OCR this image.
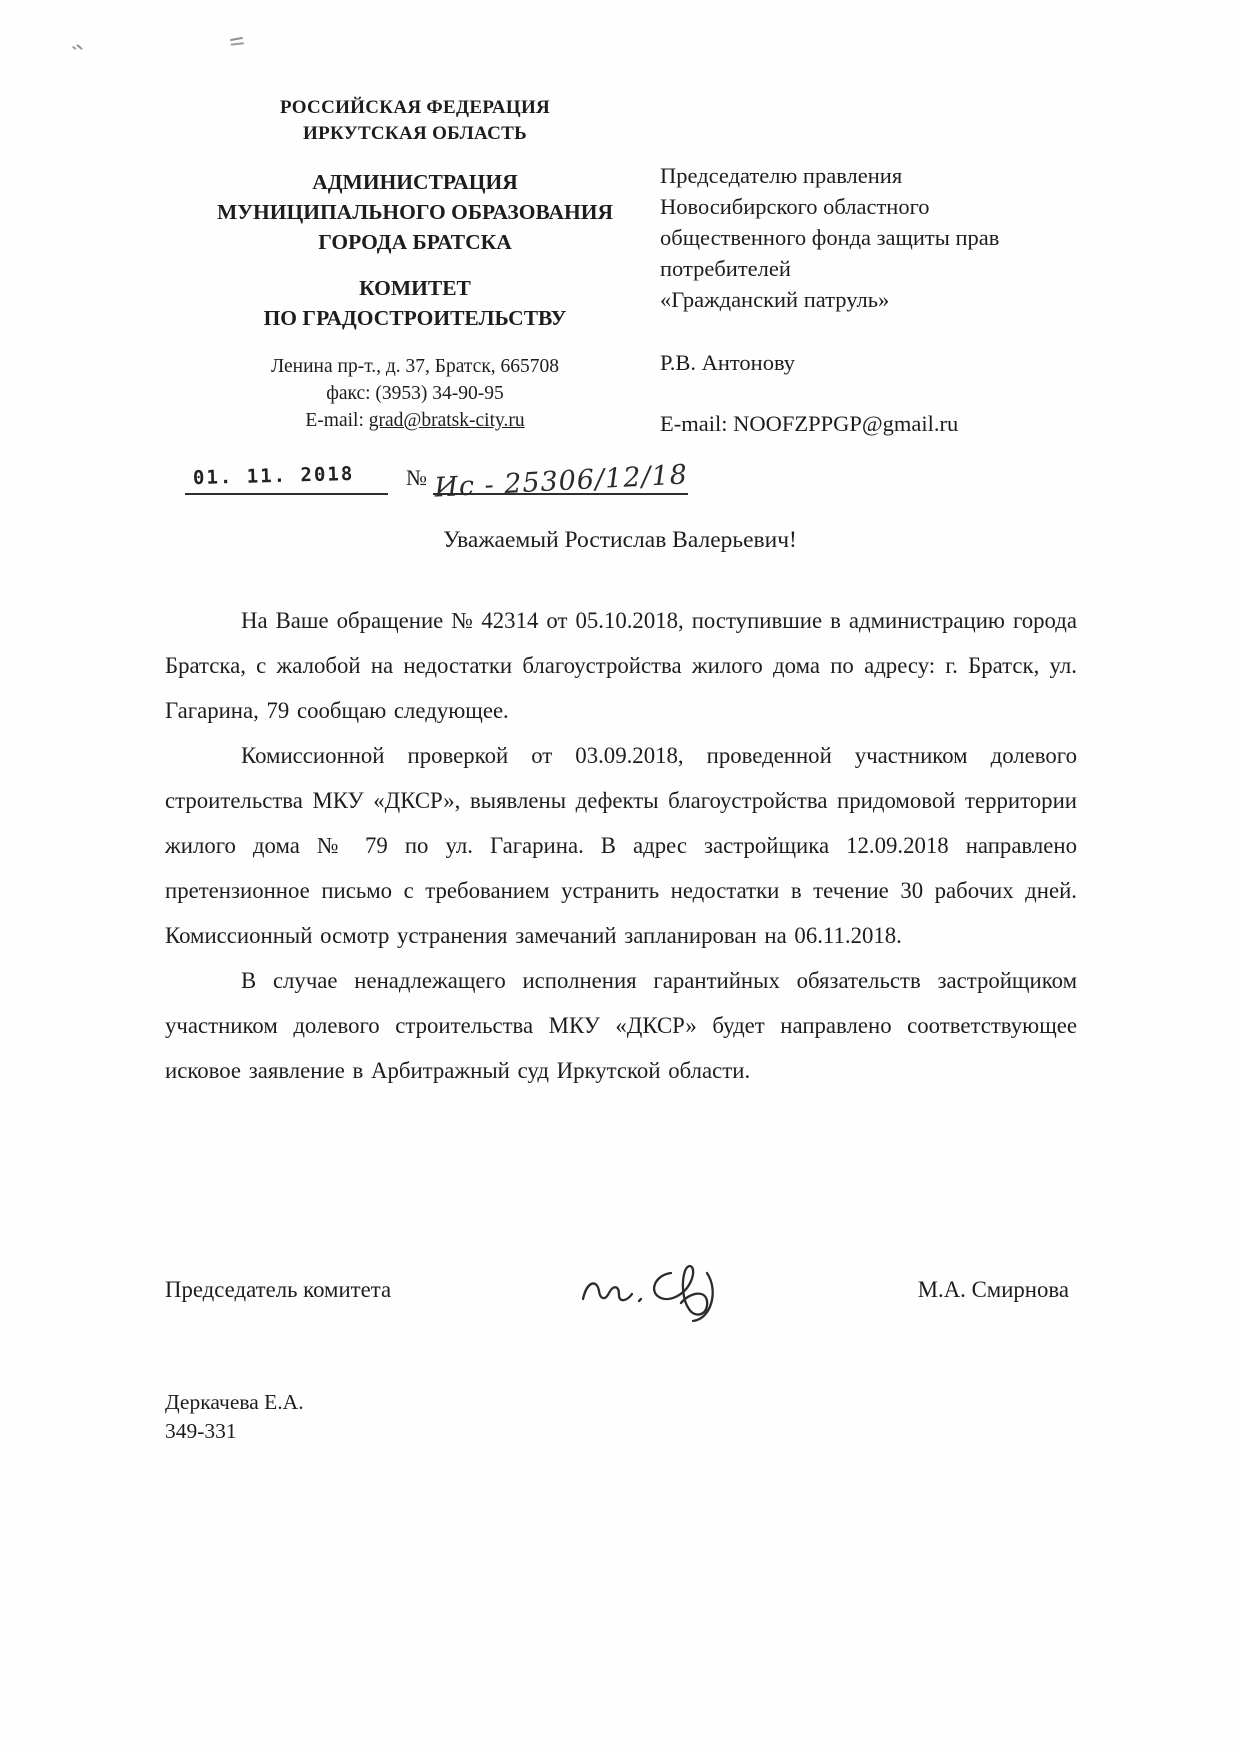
РОССИЙСКАЯ ФЕДЕРАЦИЯ
ИРКУТСКАЯ ОБЛАСТЬ
АДМИНИСТРАЦИЯ
МУНИЦИПАЛЬНОГО ОБРАЗОВАНИЯ
ГОРОДА БРАТСКА
КОМИТЕТ
ПО ГРАДОСТРОИТЕЛЬСТВУ
Ленина пр-т., д. 37, Братск, 665708
факс: (3953) 34-90-95
E-mail: grad@bratsk-city.ru
01. 11. 2018 № Ис - 25306/12/18
Председателю правления
Новосибирского областного
общественного фонда защиты прав
потребителей
«Гражданский патруль»
Р.В. Антонову
E-mail: NOOFZPPGP@gmail.ru
Уважаемый Ростислав Валерьевич!

На Ваше обращение № 42314 от 05.10.2018, поступившие в администрацию города Братска, с жалобой на недостатки благоустройства жилого дома по адресу: г. Братск, ул. Гагарина, 79 сообщаю следующее.

Комиссионной проверкой от 03.09.2018, проведенной участником долевого строительства МКУ «ДКСР», выявлены дефекты благоустройства придомовой территории жилого дома № 79 по ул. Гагарина. В адрес застройщика 12.09.2018 направлено претензионное письмо с требованием устранить недостатки в течение 30 рабочих дней. Комиссионный осмотр устранения замечаний запланирован на 06.11.2018.

В случае ненадлежащего исполнения гарантийных обязательств застройщиком участником долевого строительства МКУ «ДКСР» будет направлено соответствующее исковое заявление в Арбитражный суд Иркутской области.

Председатель комитета	М.А. Смирнова
Деркачева Е.А.
349-331
